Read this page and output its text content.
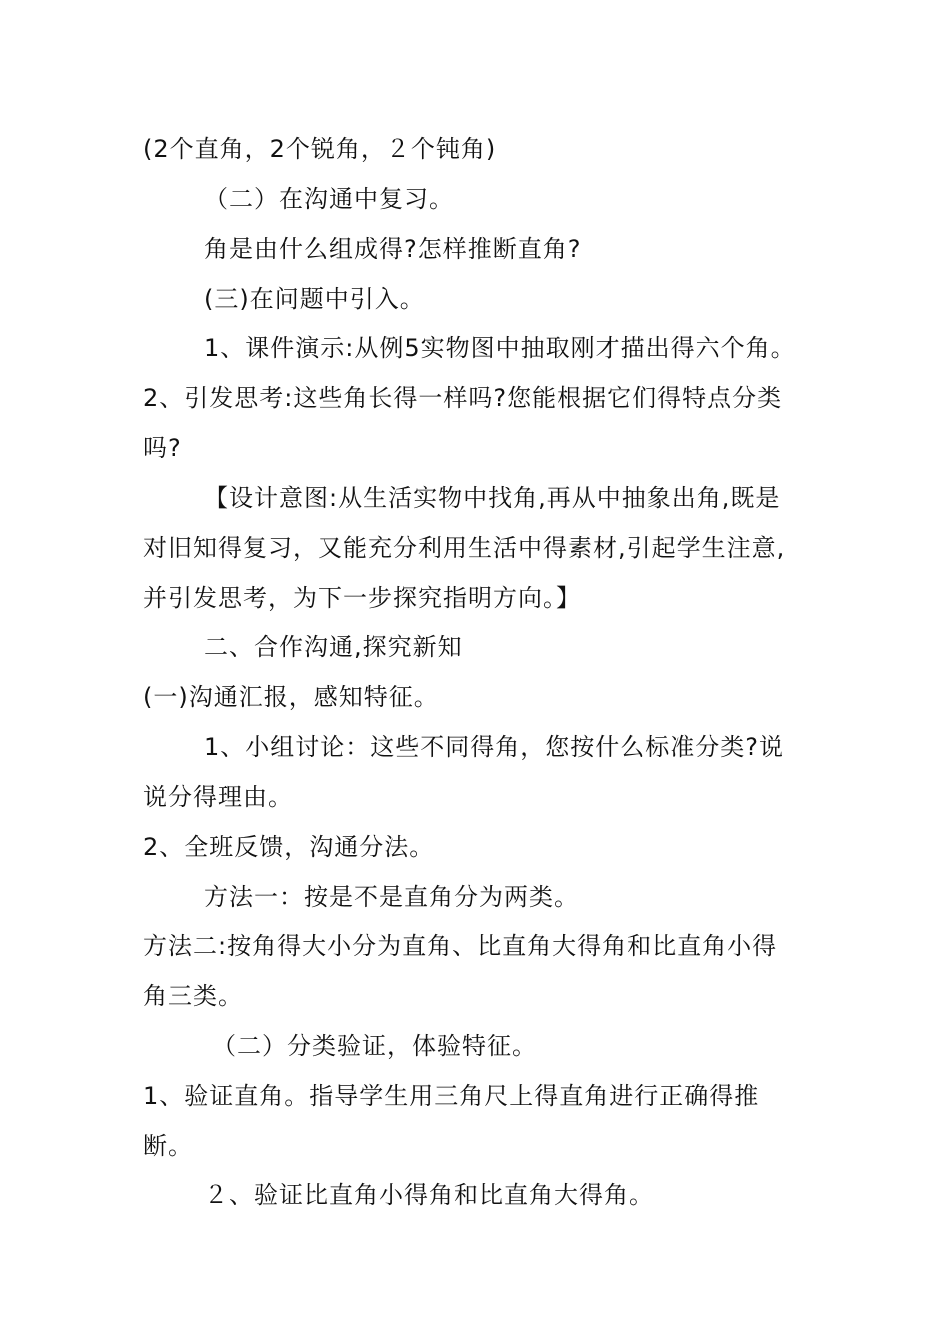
(2个直角，2个锐角，２个钝角)
（二）在沟通中复习。
角是由什么组成得?怎样推断直角?
(三)在问题中引入。
1、课件演示:从例5实物图中抽取刚才描出得六个角。
2、引发思考:这些角长得一样吗?您能根据它们得特点分类
吗?
【设计意图:从生活实物中找角,再从中抽象出角,既是
对旧知得复习，又能充分利用生活中得素材,引起学生注意,
并引发思考，为下一步探究指明方向。】
二、合作沟通,探究新知
(一)沟通汇报，感知特征。
1、小组讨论：这些不同得角，您按什么标准分类?说
说分得理由。
2、全班反馈，沟通分法。
方法一：按是不是直角分为两类。
方法二:按角得大小分为直角、比直角大得角和比直角小得
角三类。
（二）分类验证，体验特征。
1、验证直角。指导学生用三角尺上得直角进行正确得推
断。
２、验证比直角小得角和比直角大得角。
